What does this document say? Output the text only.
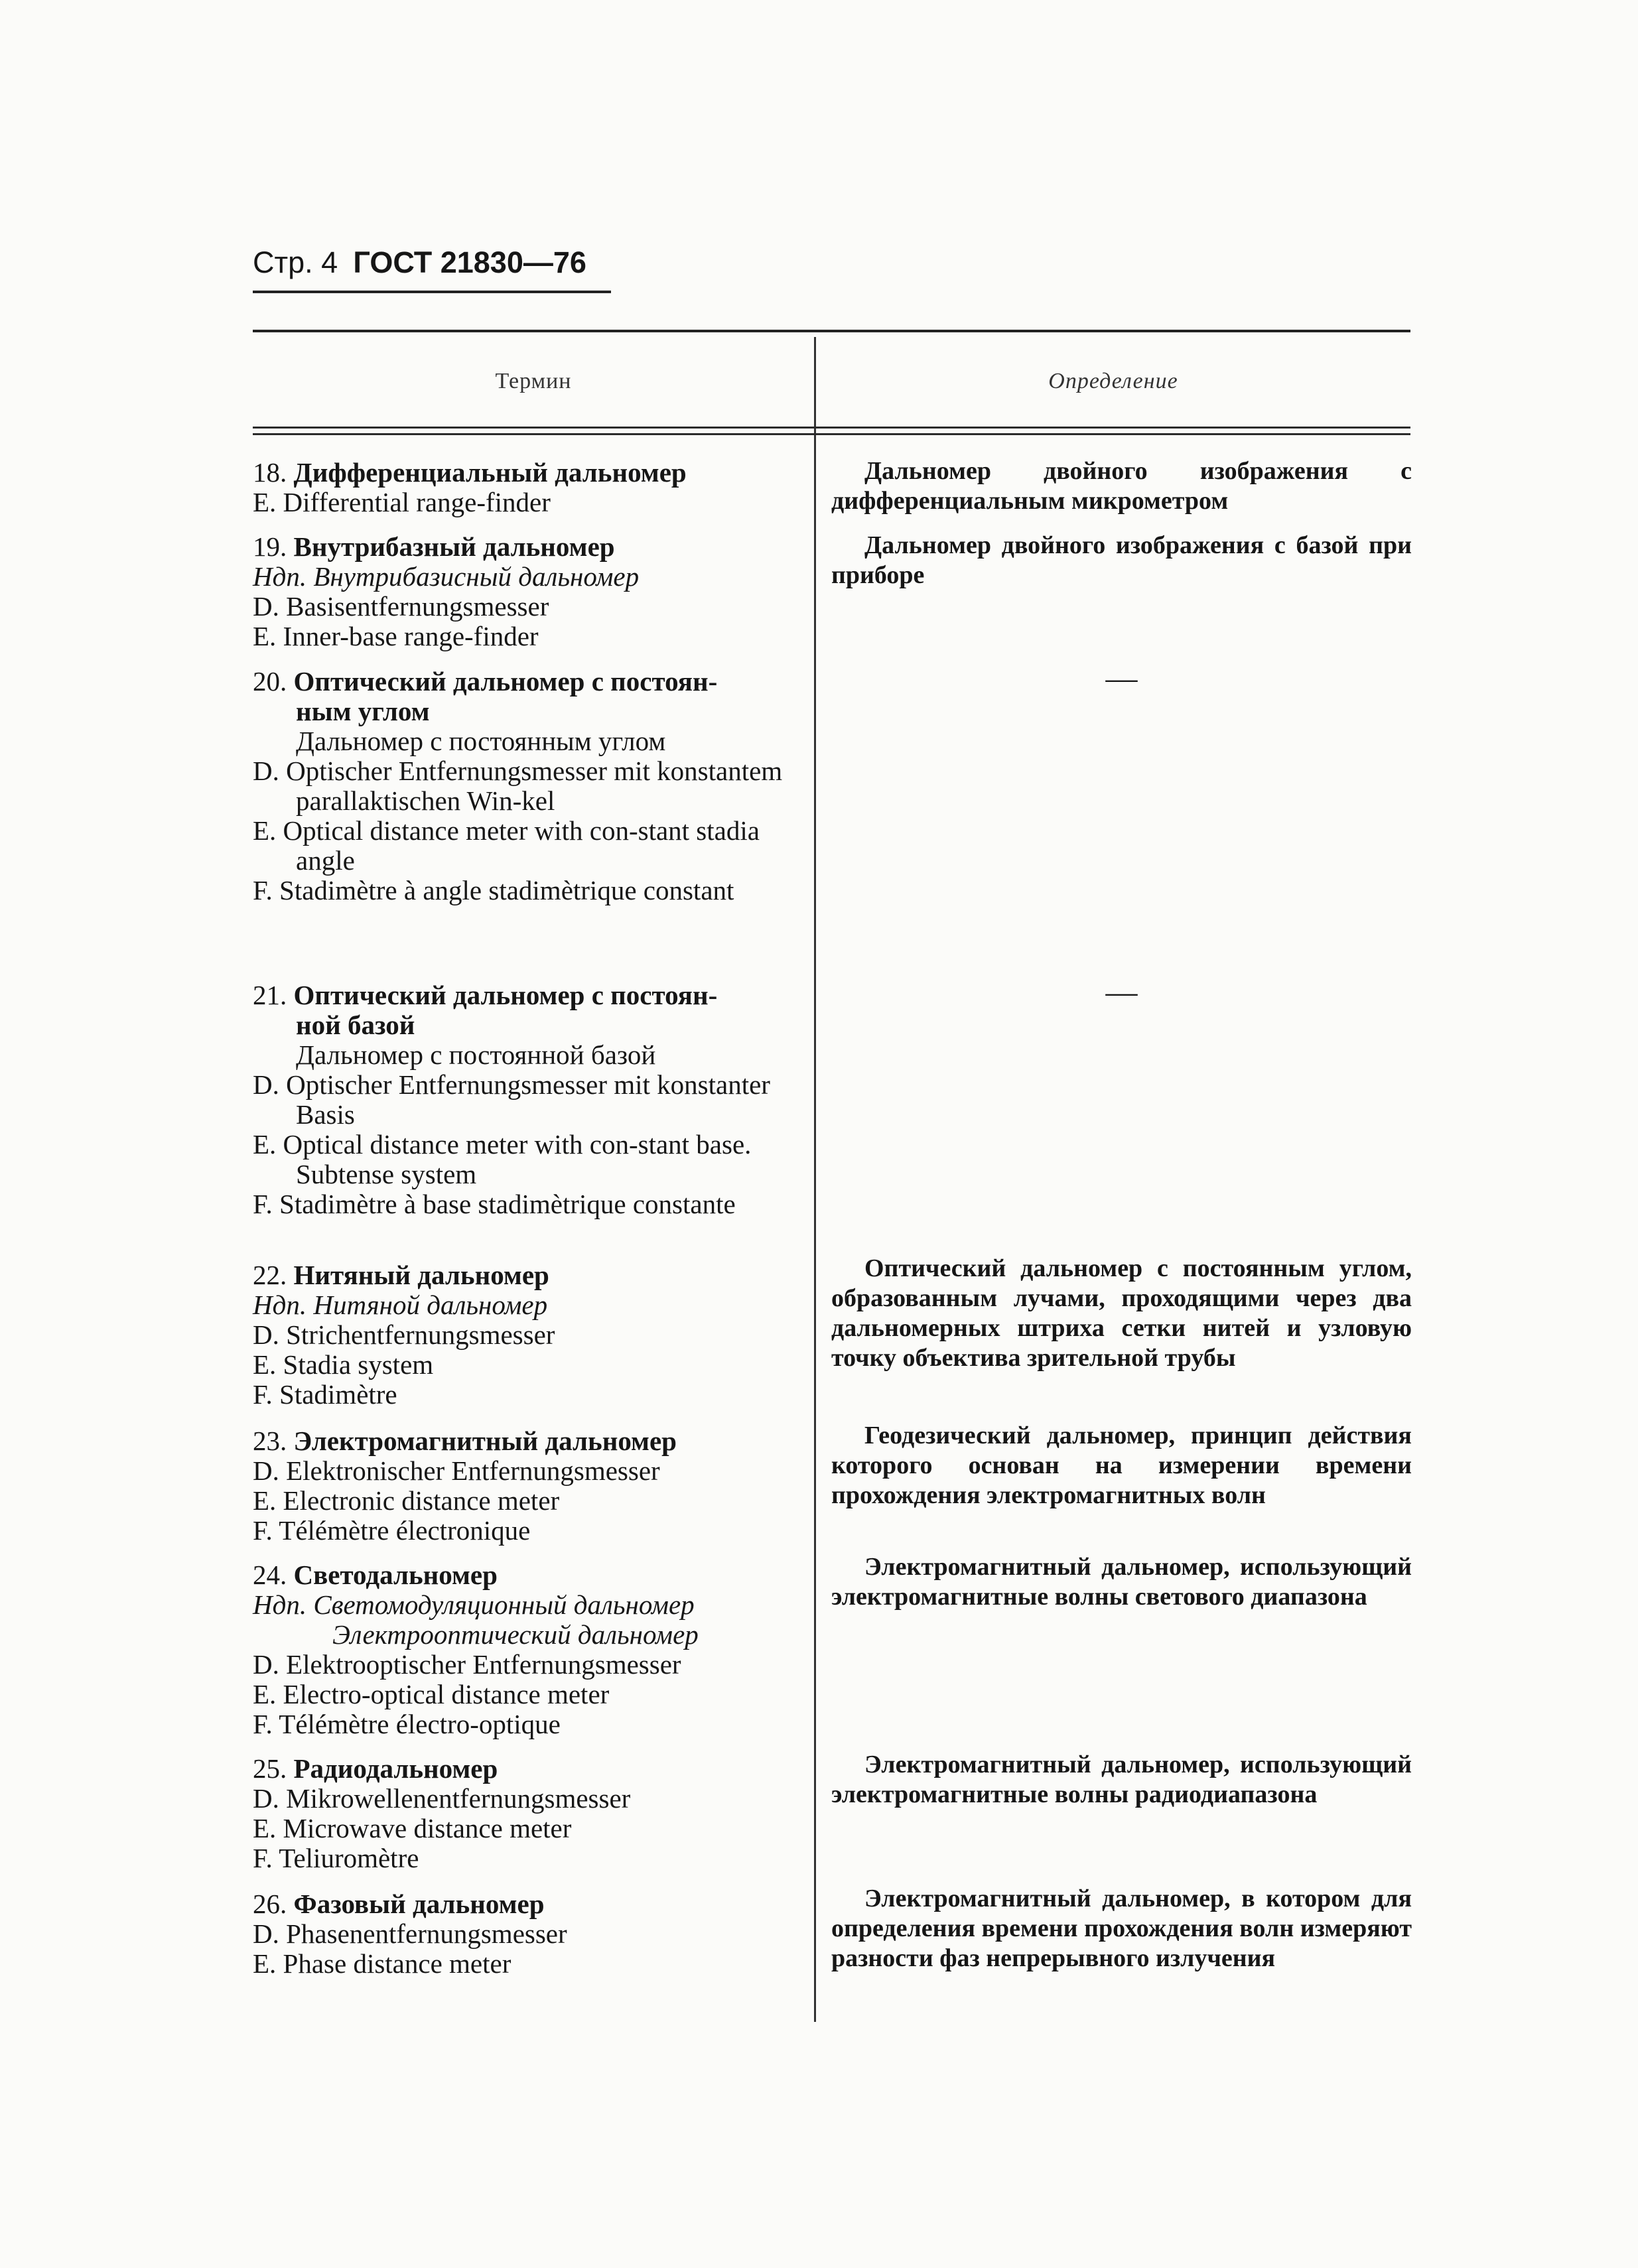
Стр. 4 ГОСТ 21830—76
Термин	Определение
18. Дифференциальный дальномер
E. Differential range-finder
Дальномер двойного изображения с дифференциальным микрометром
19. Внутрибазный дальномер
Ндп. Внутрибазисный дальномер
D. Basisentfernungsmesser
E. Inner-base range-finder
Дальномер двойного изображения с базой при приборе
20. Оптический дальномер с постоян-
ным углом
Дальномер с постоянным углом
D. Optischer Entfernungsmesser mit konstantem parallaktischen Win-kel
E. Optical distance meter with con-stant stadia angle
F. Stadimètre à angle stadimètrique constant
—
21. Оптический дальномер с постоян-
ной базой
Дальномер с постоянной базой
D. Optischer Entfernungsmesser mit konstanter Basis
E. Optical distance meter with con-stant base. Subtense system
F. Stadimètre à base stadimètrique constante
—
22. Нитяный дальномер
Ндп. Нитяной дальномер
D. Strichentfernungsmesser
E. Stadia system
F. Stadimètre
Оптический дальномер с постоянным углом, образованным лучами, проходящими через два дальномерных штриха сетки нитей и узловую точку объектива зрительной трубы
23. Электромагнитный дальномер
D. Elektronischer Entfernungsmesser
E. Electronic distance meter
F. Télémètre électronique
Геодезический дальномер, принцип действия которого основан на измерении времени прохождения электромагнитных волн
24. Светодальномер
Ндп. Светомодуляционный дальномер
Электрооптический дальномер
D. Elektrooptischer Entfernungsmesser
E. Electro-optical distance meter
F. Télémètre électro-optique
Электромагнитный дальномер, использующий электромагнитные волны светового диапазона
25. Радиодальномер
D. Mikrowellenentfernungsmesser
E. Microwave distance meter
F. Teliuromètre
Электромагнитный дальномер, использующий электромагнитные волны радиодиапазона
26. Фазовый дальномер
D. Phasenentfernungsmesser
E. Phase distance meter
Электромагнитный дальномер, в котором для определения времени прохождения волн измеряют разности фаз непрерывного излучения
